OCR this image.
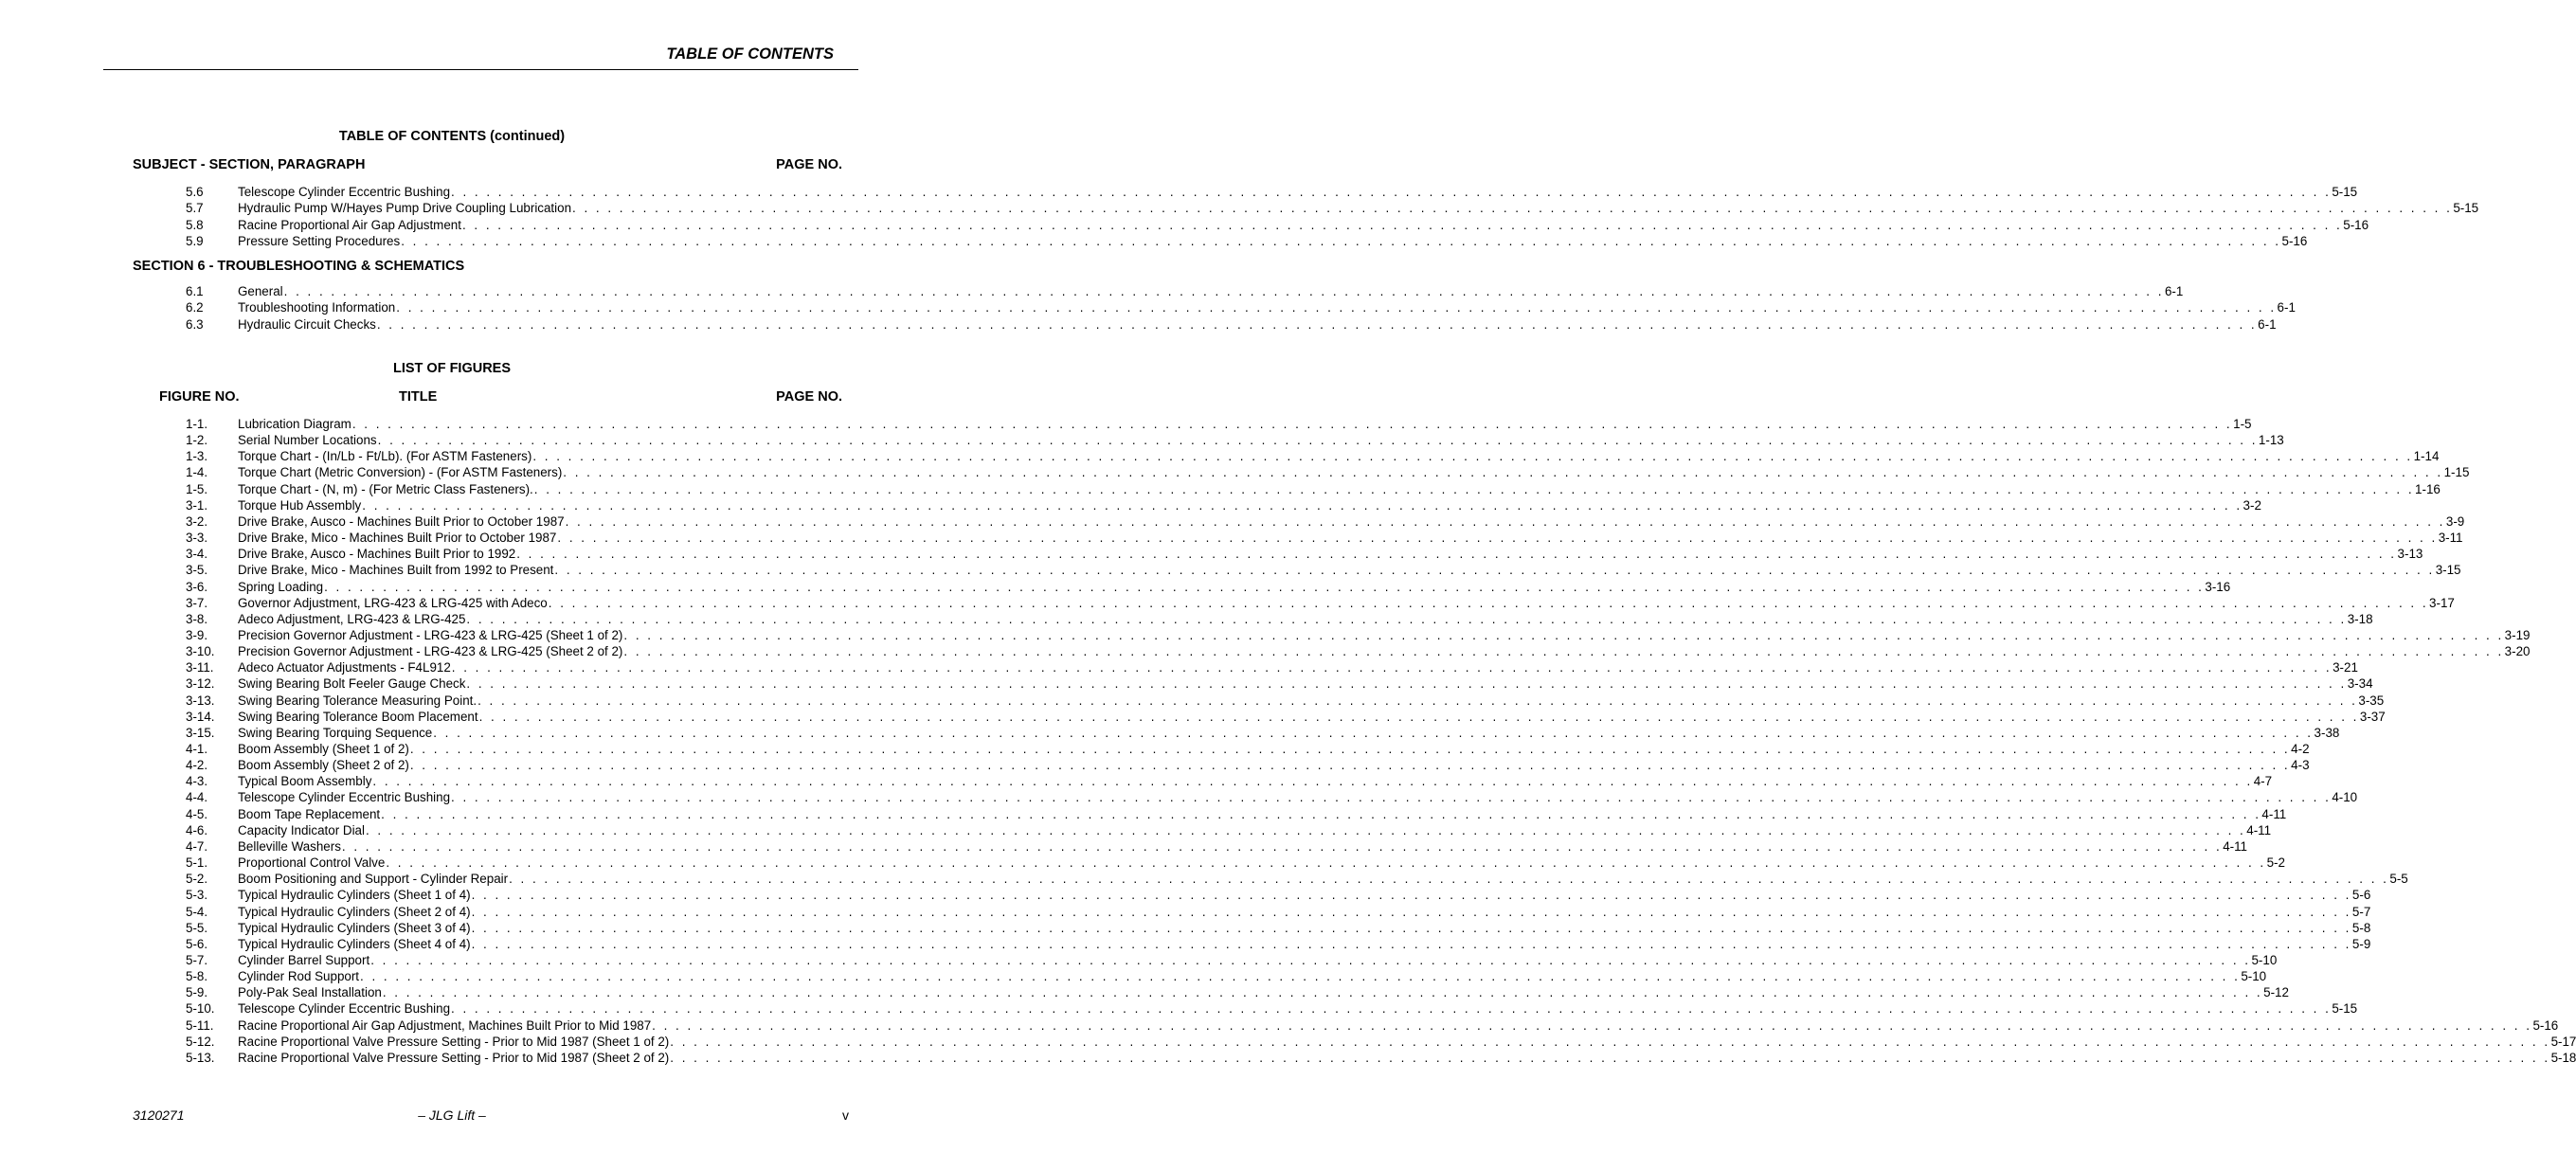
TABLE OF CONTENTS
TABLE OF CONTENTS (continued)
SUBJECT - SECTION, PARAGRAPH	PAGE NO.
5.6	Telescope Cylinder Eccentric Bushing . . . . . . . . . . . . . . . . . . . . . . . . . . . . . . . . . . . . . . . . . . . . . . . . . . . . . . . . . . . . . . . . . . . . . . . . . . . . . . . . . . . . . . . . . . . . . . . . . . . . . . . . . . . . . . . . . . . . . . . . . . . . . . . . . . . . . . . . . . . . . . . . . . . . . . . . . . . . . . . . 5-15
5.7	Hydraulic Pump W/Hayes Pump Drive Coupling Lubrication . . . . . . . . . . . . . . . . . . . . . . . . . . . . . . . . . . . . . . . . . . . . . . . . . . . . . . . . . . . . . . . . . . . . . . . . . . . . . . . . . . . . . . . . . . . . . . . . . . . . . . . . . . . . . . . . . . . . . . . . . . . . . . . . . . . . . . . . . . . . . . . . . . . . . . . . . . . . . . . . 5-15
5.8	Racine Proportional Air Gap Adjustment . . . . . . . . . . . . . . . . . . . . . . . . . . . . . . . . . . . . . . . . . . . . . . . . . . . . . . . . . . . . . . . . . . . . . . . . . . . . . . . . . . . . . . . . . . . . . . . . . . . . . . . . . . . . . . . . . . . . . . . . . . . . . . . . . . . . . . . . . . . . . . . . . . . . . . . . . . . . . . . . 5-16
5.9	Pressure Setting Procedures . . . . . . . . . . . . . . . . . . . . . . . . . . . . . . . . . . . . . . . . . . . . . . . . . . . . . . . . . . . . . . . . . . . . . . . . . . . . . . . . . . . . . . . . . . . . . . . . . . . . . . . . . . . . . . . . . . . . . . . . . . . . . . . . . . . . . . . . . . . . . . . . . . . . . . . . . . . . . . . . 5-16
SECTION 6 - TROUBLESHOOTING & SCHEMATICS
6.1	General . . . . . . . . . . . . . . . . . . . . . . . . . . . . . . . . . . . . . . . . . . . . . . . . . . . . . . . . . . . . . . . . . . . . . . . . . . . . . . . . . . . . . . . . . . . . . . . . . . . . . . . . . . . . . . . . . . . . . . . . . . . . . . . . . . . . . . . . . . . . . . . . . . . . . . . . . . . . . . . . 6-1
6.2	Troubleshooting Information . . . . . . . . . . . . . . . . . . . . . . . . . . . . . . . . . . . . . . . . . . . . . . . . . . . . . . . . . . . . . . . . . . . . . . . . . . . . . . . . . . . . . . . . . . . . . . . . . . . . . . . . . . . . . . . . . . . . . . . . . . . . . . . . . . . . . . . . . . . . . . . . . . . . . . . . . . . . . . . . 6-1
6.3	Hydraulic Circuit Checks . . . . . . . . . . . . . . . . . . . . . . . . . . . . . . . . . . . . . . . . . . . . . . . . . . . . . . . . . . . . . . . . . . . . . . . . . . . . . . . . . . . . . . . . . . . . . . . . . . . . . . . . . . . . . . . . . . . . . . . . . . . . . . . . . . . . . . . . . . . . . . . . . . . . . . . . . . . . . . . . 6-1
LIST OF FIGURES
FIGURE NO.	TITLE	PAGE NO.
1-1. Lubrication Diagram . . . . . . . . . . . . . . . . . . . . . . . . . . . . . . . . . . . . . . . . . . . . . . . . . . . . . . . . . . . . . . . . . . . . . . . . . . . . . . . . . . . . . . . . . . . . . . . . . . . . . . . . . . . . . . . . . . . . . . . . . . . . . . . . . . . . . . . . . . . . . . . . . . . . . . . . . . . . . . . . 1-5
1-2. Serial Number Locations . . . . . . . . . . . . . . . . . . . . . . . . . . . . . . . . . . . . . . . . . . . . . . . . . . . . . . . . . . . . . . . . . . . . . . . . . . . . . . . . . . . . . . . . . . . . . . . . . . . . . . . . . . . . . . . . . . . . . . . . . . . . . . . . . . . . . . . . . . . . . . . . . . . . . . . . . . . . . . . . 1-13
1-3. Torque Chart - (In/Lb - Ft/Lb). (For ASTM Fasteners) . . . . . . . . . . . . . . . . . . . . . . . . . . . . . . . . . . . . . . . . . . . . . . . . . . . . . . . . . . . . . . . . . . . . . . . . . . . . . . . . . . . . . . . . . . . . . . . . . . . . . . . . . . . . . . . . . . . . . . . . . . . . . . . . . . . . . . . . . . . . . . . . . . . . . . . . . . . . . . . . 1-14
1-4. Torque Chart (Metric Conversion) - (For ASTM Fasteners) . . . . . . . . . . . . . . . . . . . . . . . . . . . . . . . . . . . . . . . . . . . . . . . . . . . . . . . . . . . . . . . . . . . . . . . . . . . . . . . . . . . . . . . . . . . . . . . . . . . . . . . . . . . . . . . . . . . . . . . . . . . . . . . . . . . . . . . . . . . . . . . . . . . . . . . . . . . . . . . . 1-15
1-5. Torque Chart - (N, m) - (For Metric Class Fasteners). . . . . . . . . . . . . . . . . . . . . . . . . . . . . . . . . . . . . . . . . . . . . . . . . . . . . . . . . . . . . . . . . . . . . . . . . . . . . . . . . . . . . . . . . . . . . . . . . . . . . . . . . . . . . . . . . . . . . . . . . . . . . . . . . . . . . . . . . . . . . . . . . . . . . . . . . . . . . . . . . 1-16
3-1. Torque Hub Assembly . . . . . . . . . . . . . . . . . . . . . . . . . . . . . . . . . . . . . . . . . . . . . . . . . . . . . . . . . . . . . . . . . . . . . . . . . . . . . . . . . . . . . . . . . . . . . . . . . . . . . . . . . . . . . . . . . . . . . . . . . . . . . . . . . . . . . . . . . . . . . . . . . . . . . . . . . . . . . . . . 3-2
3-2. Drive Brake, Ausco - Machines Built Prior to October 1987 . . . . . . . . . . . . . . . . . . . . . . . . . . . . . . . . . . . . . . . . . . . . . . . . . . . . . . . . . . . . . . . . . . . . . . . . . . . . . . . . . . . . . . . . . . . . . . . . . . . . . . . . . . . . . . . . . . . . . . . . . . . . . . . . . . . . . . . . . . . . . . . . . . . . . . . . . . . . . . . . 3-9
3-3. Drive Brake, Mico - Machines Built Prior to October 1987 . . . . . . . . . . . . . . . . . . . . . . . . . . . . . . . . . . . . . . . . . . . . . . . . . . . . . . . . . . . . . . . . . . . . . . . . . . . . . . . . . . . . . . . . . . . . . . . . . . . . . . . . . . . . . . . . . . . . . . . . . . . . . . . . . . . . . . . . . . . . . . . . . . . . . . . . . . . . . . . . 3-11
3-4. Drive Brake, Ausco - Machines Built Prior to 1992 . . . . . . . . . . . . . . . . . . . . . . . . . . . . . . . . . . . . . . . . . . . . . . . . . . . . . . . . . . . . . . . . . . . . . . . . . . . . . . . . . . . . . . . . . . . . . . . . . . . . . . . . . . . . . . . . . . . . . . . . . . . . . . . . . . . . . . . . . . . . . . . . . . . . . . . . . . . . . . . . 3-13
3-5. Drive Brake, Mico - Machines Built from 1992 to Present . . . . . . . . . . . . . . . . . . . . . . . . . . . . . . . . . . . . . . . . . . . . . . . . . . . . . . . . . . . . . . . . . . . . . . . . . . . . . . . . . . . . . . . . . . . . . . . . . . . . . . . . . . . . . . . . . . . . . . . . . . . . . . . . . . . . . . . . . . . . . . . . . . . . . . . . . . . . . . . . 3-15
3-6. Spring Loading . . . . . . . . . . . . . . . . . . . . . . . . . . . . . . . . . . . . . . . . . . . . . . . . . . . . . . . . . . . . . . . . . . . . . . . . . . . . . . . . . . . . . . . . . . . . . . . . . . . . . . . . . . . . . . . . . . . . . . . . . . . . . . . . . . . . . . . . . . . . . . . . . . . . . . . . . . . . . . . . 3-16
3-7. Governor Adjustment, LRG-423 & LRG-425 with Adeco . . . . . . . . . . . . . . . . . . . . . . . . . . . . . . . . . . . . . . . . . . . . . . . . . . . . . . . . . . . . . . . . . . . . . . . . . . . . . . . . . . . . . . . . . . . . . . . . . . . . . . . . . . . . . . . . . . . . . . . . . . . . . . . . . . . . . . . . . . . . . . . . . . . . . . . . . . . . . . . . 3-17
3-8. Adeco Adjustment, LRG-423 & LRG-425 . . . . . . . . . . . . . . . . . . . . . . . . . . . . . . . . . . . . . . . . . . . . . . . . . . . . . . . . . . . . . . . . . . . . . . . . . . . . . . . . . . . . . . . . . . . . . . . . . . . . . . . . . . . . . . . . . . . . . . . . . . . . . . . . . . . . . . . . . . . . . . . . . . . . . . . . . . . . . . . . 3-18
3-9. Precision Governor Adjustment - LRG-423 & LRG-425 (Sheet 1 of 2) . . . . . . . . . . . . . . . . . . . . . . . . . . . . . . . . . . . . . . . . . . . . . . . . . . . . . . . . . . . . . . . . . . . . . . . . . . . . . . . . . . . . . . . . . . . . . . . . . . . . . . . . . . . . . . . . . . . . . . . . . . . . . . . . . . . . . . . . . . . . . . . . . . . . . . . . . . . . . . . . 3-19
3-10. Precision Governor Adjustment - LRG-423 & LRG-425 (Sheet 2 of 2) . . . . . . . . . . . . . . . . . . . . . . . . . . . . . . . . . . . . . . . . . . . . . . . . . . . . . . . . . . . . . . . . . . . . . . . . . . . . . . . . . . . . . . . . . . . . . . . . . . . . . . . . . . . . . . . . . . . . . . . . . . . . . . . . . . . . . . . . . . . . . . . . . . . . . . . . . . . . . . . . 3-20
3-11. Adeco Actuator Adjustments - F4L912 . . . . . . . . . . . . . . . . . . . . . . . . . . . . . . . . . . . . . . . . . . . . . . . . . . . . . . . . . . . . . . . . . . . . . . . . . . . . . . . . . . . . . . . . . . . . . . . . . . . . . . . . . . . . . . . . . . . . . . . . . . . . . . . . . . . . . . . . . . . . . . . . . . . . . . . . . . . . . . . . 3-21
3-12. Swing Bearing Bolt Feeler Gauge Check . . . . . . . . . . . . . . . . . . . . . . . . . . . . . . . . . . . . . . . . . . . . . . . . . . . . . . . . . . . . . . . . . . . . . . . . . . . . . . . . . . . . . . . . . . . . . . . . . . . . . . . . . . . . . . . . . . . . . . . . . . . . . . . . . . . . . . . . . . . . . . . . . . . . . . . . . . . . . . . . 3-34
3-13. Swing Bearing Tolerance Measuring Point. . . . . . . . . . . . . . . . . . . . . . . . . . . . . . . . . . . . . . . . . . . . . . . . . . . . . . . . . . . . . . . . . . . . . . . . . . . . . . . . . . . . . . . . . . . . . . . . . . . . . . . . . . . . . . . . . . . . . . . . . . . . . . . . . . . . . . . . . . . . . . . . . . . . . . . . . . . . . . . . . 3-35
3-14. Swing Bearing Tolerance Boom Placement . . . . . . . . . . . . . . . . . . . . . . . . . . . . . . . . . . . . . . . . . . . . . . . . . . . . . . . . . . . . . . . . . . . . . . . . . . . . . . . . . . . . . . . . . . . . . . . . . . . . . . . . . . . . . . . . . . . . . . . . . . . . . . . . . . . . . . . . . . . . . . . . . . . . . . . . . . . . . . . . 3-37
3-15. Swing Bearing Torquing Sequence . . . . . . . . . . . . . . . . . . . . . . . . . . . . . . . . . . . . . . . . . . . . . . . . . . . . . . . . . . . . . . . . . . . . . . . . . . . . . . . . . . . . . . . . . . . . . . . . . . . . . . . . . . . . . . . . . . . . . . . . . . . . . . . . . . . . . . . . . . . . . . . . . . . . . . . . . . . . . . . . 3-38
4-1. Boom Assembly (Sheet 1 of 2) . . . . . . . . . . . . . . . . . . . . . . . . . . . . . . . . . . . . . . . . . . . . . . . . . . . . . . . . . . . . . . . . . . . . . . . . . . . . . . . . . . . . . . . . . . . . . . . . . . . . . . . . . . . . . . . . . . . . . . . . . . . . . . . . . . . . . . . . . . . . . . . . . . . . . . . . . . . . . . . . 4-2
4-2. Boom Assembly (Sheet 2 of 2) . . . . . . . . . . . . . . . . . . . . . . . . . . . . . . . . . . . . . . . . . . . . . . . . . . . . . . . . . . . . . . . . . . . . . . . . . . . . . . . . . . . . . . . . . . . . . . . . . . . . . . . . . . . . . . . . . . . . . . . . . . . . . . . . . . . . . . . . . . . . . . . . . . . . . . . . . . . . . . . . 4-3
4-3. Typical Boom Assembly . . . . . . . . . . . . . . . . . . . . . . . . . . . . . . . . . . . . . . . . . . . . . . . . . . . . . . . . . . . . . . . . . . . . . . . . . . . . . . . . . . . . . . . . . . . . . . . . . . . . . . . . . . . . . . . . . . . . . . . . . . . . . . . . . . . . . . . . . . . . . . . . . . . . . . . . . . . . . . . . 4-7
4-4. Telescope Cylinder Eccentric Bushing . . . . . . . . . . . . . . . . . . . . . . . . . . . . . . . . . . . . . . . . . . . . . . . . . . . . . . . . . . . . . . . . . . . . . . . . . . . . . . . . . . . . . . . . . . . . . . . . . . . . . . . . . . . . . . . . . . . . . . . . . . . . . . . . . . . . . . . . . . . . . . . . . . . . . . . . . . . . . . . . 4-10
4-5. Boom Tape Replacement . . . . . . . . . . . . . . . . . . . . . . . . . . . . . . . . . . . . . . . . . . . . . . . . . . . . . . . . . . . . . . . . . . . . . . . . . . . . . . . . . . . . . . . . . . . . . . . . . . . . . . . . . . . . . . . . . . . . . . . . . . . . . . . . . . . . . . . . . . . . . . . . . . . . . . . . . . . . . . . . 4-11
4-6. Capacity Indicator Dial . . . . . . . . . . . . . . . . . . . . . . . . . . . . . . . . . . . . . . . . . . . . . . . . . . . . . . . . . . . . . . . . . . . . . . . . . . . . . . . . . . . . . . . . . . . . . . . . . . . . . . . . . . . . . . . . . . . . . . . . . . . . . . . . . . . . . . . . . . . . . . . . . . . . . . . . . . . . . . . . 4-11
4-7. Belleville Washers . . . . . . . . . . . . . . . . . . . . . . . . . . . . . . . . . . . . . . . . . . . . . . . . . . . . . . . . . . . . . . . . . . . . . . . . . . . . . . . . . . . . . . . . . . . . . . . . . . . . . . . . . . . . . . . . . . . . . . . . . . . . . . . . . . . . . . . . . . . . . . . . . . . . . . . . . . . . . . . . 4-11
5-1. Proportional Control Valve . . . . . . . . . . . . . . . . . . . . . . . . . . . . . . . . . . . . . . . . . . . . . . . . . . . . . . . . . . . . . . . . . . . . . . . . . . . . . . . . . . . . . . . . . . . . . . . . . . . . . . . . . . . . . . . . . . . . . . . . . . . . . . . . . . . . . . . . . . . . . . . . . . . . . . . . . . . . . . . . 5-2
5-2. Boom Positioning and Support - Cylinder Repair . . . . . . . . . . . . . . . . . . . . . . . . . . . . . . . . . . . . . . . . . . . . . . . . . . . . . . . . . . . . . . . . . . . . . . . . . . . . . . . . . . . . . . . . . . . . . . . . . . . . . . . . . . . . . . . . . . . . . . . . . . . . . . . . . . . . . . . . . . . . . . . . . . . . . . . . . . . . . . . . 5-5
5-3. Typical Hydraulic Cylinders (Sheet 1 of 4) . . . . . . . . . . . . . . . . . . . . . . . . . . . . . . . . . . . . . . . . . . . . . . . . . . . . . . . . . . . . . . . . . . . . . . . . . . . . . . . . . . . . . . . . . . . . . . . . . . . . . . . . . . . . . . . . . . . . . . . . . . . . . . . . . . . . . . . . . . . . . . . . . . . . . . . . . . . . . . . . 5-6
5-4. Typical Hydraulic Cylinders (Sheet 2 of 4) . . . . . . . . . . . . . . . . . . . . . . . . . . . . . . . . . . . . . . . . . . . . . . . . . . . . . . . . . . . . . . . . . . . . . . . . . . . . . . . . . . . . . . . . . . . . . . . . . . . . . . . . . . . . . . . . . . . . . . . . . . . . . . . . . . . . . . . . . . . . . . . . . . . . . . . . . . . . . . . . 5-7
5-5. Typical Hydraulic Cylinders (Sheet 3 of 4) . . . . . . . . . . . . . . . . . . . . . . . . . . . . . . . . . . . . . . . . . . . . . . . . . . . . . . . . . . . . . . . . . . . . . . . . . . . . . . . . . . . . . . . . . . . . . . . . . . . . . . . . . . . . . . . . . . . . . . . . . . . . . . . . . . . . . . . . . . . . . . . . . . . . . . . . . . . . . . . . 5-8
5-6. Typical Hydraulic Cylinders (Sheet 4 of 4) . . . . . . . . . . . . . . . . . . . . . . . . . . . . . . . . . . . . . . . . . . . . . . . . . . . . . . . . . . . . . . . . . . . . . . . . . . . . . . . . . . . . . . . . . . . . . . . . . . . . . . . . . . . . . . . . . . . . . . . . . . . . . . . . . . . . . . . . . . . . . . . . . . . . . . . . . . . . . . . . 5-9
5-7. Cylinder Barrel Support . . . . . . . . . . . . . . . . . . . . . . . . . . . . . . . . . . . . . . . . . . . . . . . . . . . . . . . . . . . . . . . . . . . . . . . . . . . . . . . . . . . . . . . . . . . . . . . . . . . . . . . . . . . . . . . . . . . . . . . . . . . . . . . . . . . . . . . . . . . . . . . . . . . . . . . . . . . . . . . . 5-10
5-8. Cylinder Rod Support . . . . . . . . . . . . . . . . . . . . . . . . . . . . . . . . . . . . . . . . . . . . . . . . . . . . . . . . . . . . . . . . . . . . . . . . . . . . . . . . . . . . . . . . . . . . . . . . . . . . . . . . . . . . . . . . . . . . . . . . . . . . . . . . . . . . . . . . . . . . . . . . . . . . . . . . . . . . . . . . 5-10
5-9. Poly-Pak Seal Installation . . . . . . . . . . . . . . . . . . . . . . . . . . . . . . . . . . . . . . . . . . . . . . . . . . . . . . . . . . . . . . . . . . . . . . . . . . . . . . . . . . . . . . . . . . . . . . . . . . . . . . . . . . . . . . . . . . . . . . . . . . . . . . . . . . . . . . . . . . . . . . . . . . . . . . . . . . . . . . . . 5-12
5-10. Telescope Cylinder Eccentric Bushing . . . . . . . . . . . . . . . . . . . . . . . . . . . . . . . . . . . . . . . . . . . . . . . . . . . . . . . . . . . . . . . . . . . . . . . . . . . . . . . . . . . . . . . . . . . . . . . . . . . . . . . . . . . . . . . . . . . . . . . . . . . . . . . . . . . . . . . . . . . . . . . . . . . . . . . . . . . . . . . . 5-15
5-11. Racine Proportional Air Gap Adjustment, Machines Built Prior to Mid 1987 . . . . . . . . . . . . . . . . . . . . . . . . . . . . . . . . . . . . . . . . . . . . . . . . . . . . . . . . . . . . . . . . . . . . . . . . . . . . . . . . . . . . . . . . . . . . . . . . . . . . . . . . . . . . . . . . . . . . . . . . . . . . . . . . . . . . . . . . . . . . . . . . . . . . . . . . . . . . . . . . 5-16
5-12. Racine Proportional Valve Pressure Setting - Prior to Mid 1987 (Sheet 1 of 2) . . . . . . . . . . . . . . . . . . . . . . . . . . . . . . . . . . . . . . . . . . . . . . . . . . . . . . . . . . . . . . . . . . . . . . . . . . . . . . . . . . . . . . . . . . . . . . . . . . . . . . . . . . . . . . . . . . . . . . . . . . . . . . . . . . . . . . . . . . . . . . . . . . . . . . . . . . . . . . . . 5-17
5-13. Racine Proportional Valve Pressure Setting - Prior to Mid 1987 (Sheet 2 of 2) . . . . . . . . . . . . . . . . . . . . . . . . . . . . . . . . . . . . . . . . . . . . . . . . . . . . . . . . . . . . . . . . . . . . . . . . . . . . . . . . . . . . . . . . . . . . . . . . . . . . . . . . . . . . . . . . . . . . . . . . . . . . . . . . . . . . . . . . . . . . . . . . . . . . . . . . . . . . . . . . 5-18
3120271	– JLG Lift –	v
